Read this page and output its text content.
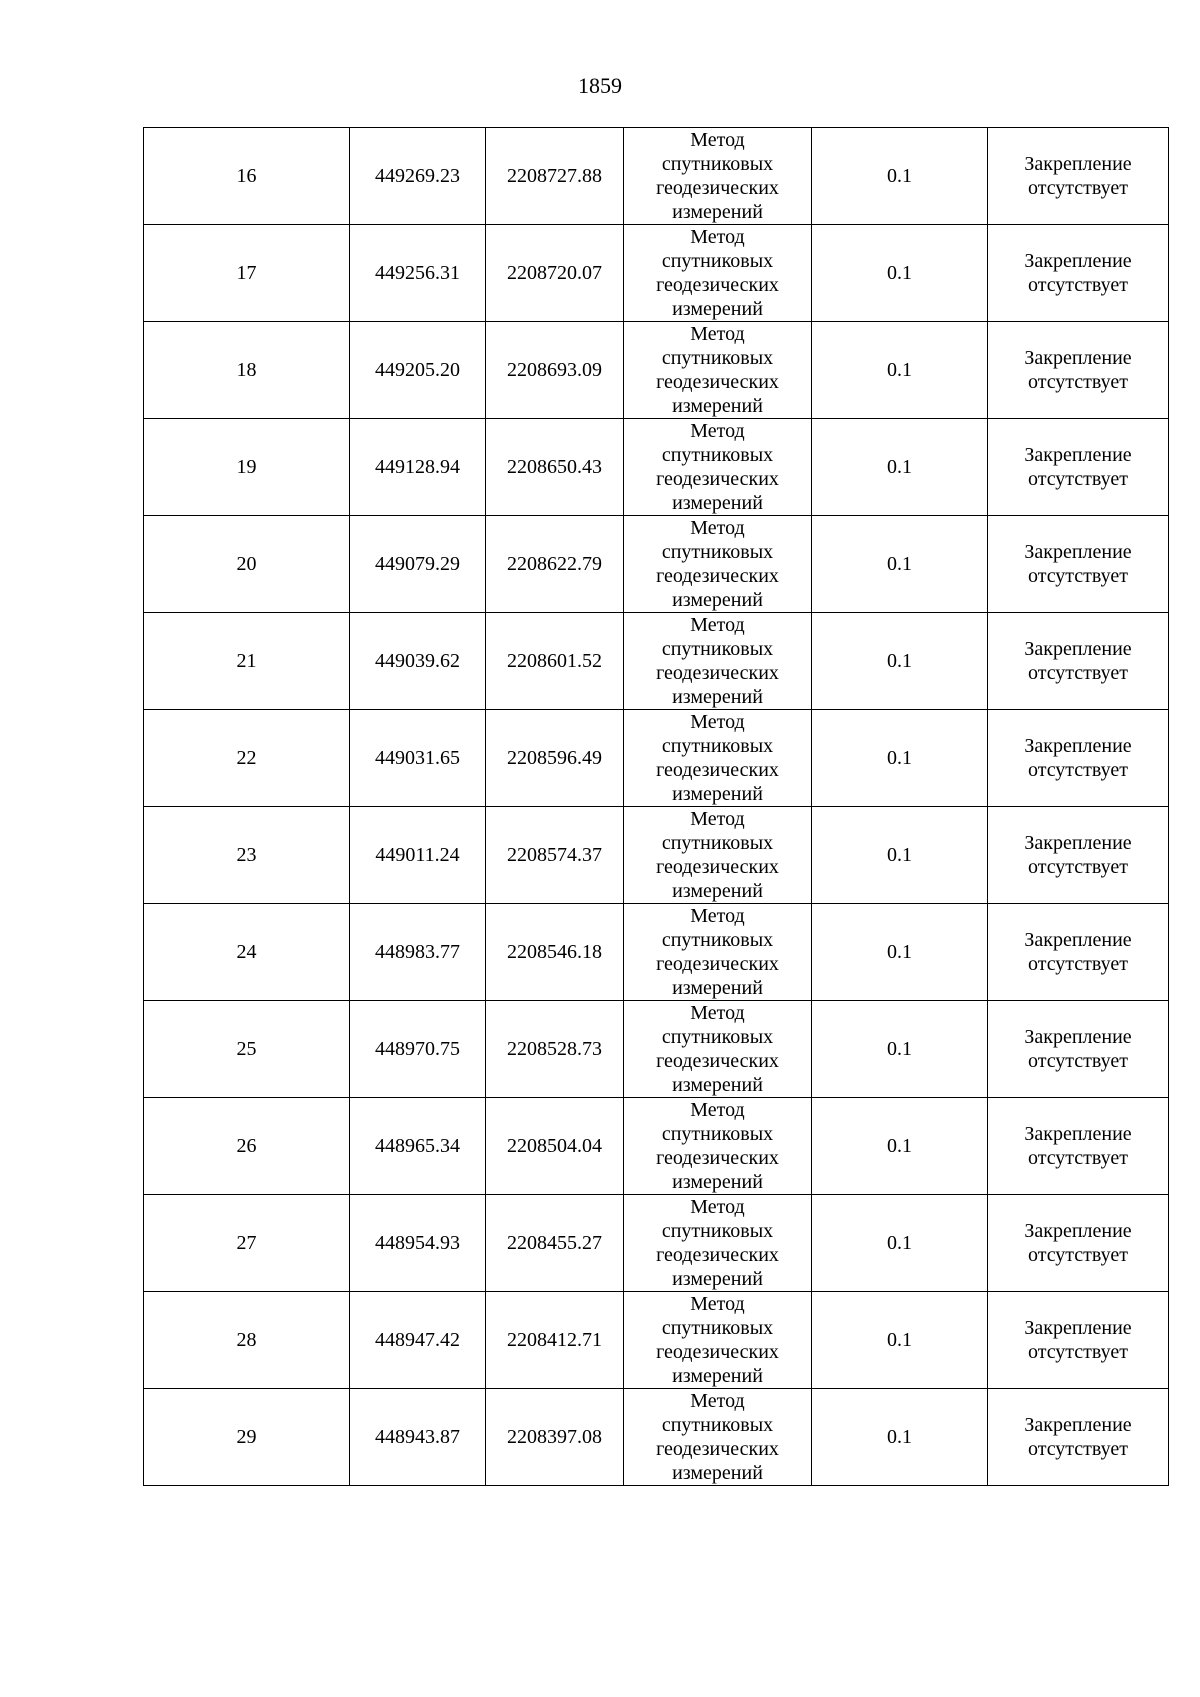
1859
16	449269.23	2208727.88	Метод спутниковых геодезических измерений	0.1	Закрепление отсутствует

17	449256.31	2208720.07	Метод спутниковых геодезических измерений	0.1	Закрепление отсутствует

18	449205.20	2208693.09	Метод спутниковых геодезических измерений	0.1	Закрепление отсутствует

19	449128.94	2208650.43	Метод спутниковых геодезических измерений	0.1	Закрепление отсутствует

20	449079.29	2208622.79	Метод спутниковых геодезических измерений	0.1	Закрепление отсутствует

21	449039.62	2208601.52	Метод спутниковых геодезических измерений	0.1	Закрепление отсутствует

22	449031.65	2208596.49	Метод спутниковых геодезических измерений	0.1	Закрепление отсутствует

23	449011.24	2208574.37	Метод спутниковых геодезических измерений	0.1	Закрепление отсутствует

24	448983.77	2208546.18	Метод спутниковых геодезических измерений	0.1	Закрепление отсутствует

25	448970.75	2208528.73	Метод спутниковых геодезических измерений	0.1	Закрепление отсутствует

26	448965.34	2208504.04	Метод спутниковых геодезических измерений	0.1	Закрепление отсутствует

27	448954.93	2208455.27	Метод спутниковых геодезических измерений	0.1	Закрепление отсутствует

28	448947.42	2208412.71	Метод спутниковых геодезических измерений	0.1	Закрепление отсутствует

29	448943.87	2208397.08	Метод спутниковых геодезических измерений	0.1	Закрепление отсутствует
